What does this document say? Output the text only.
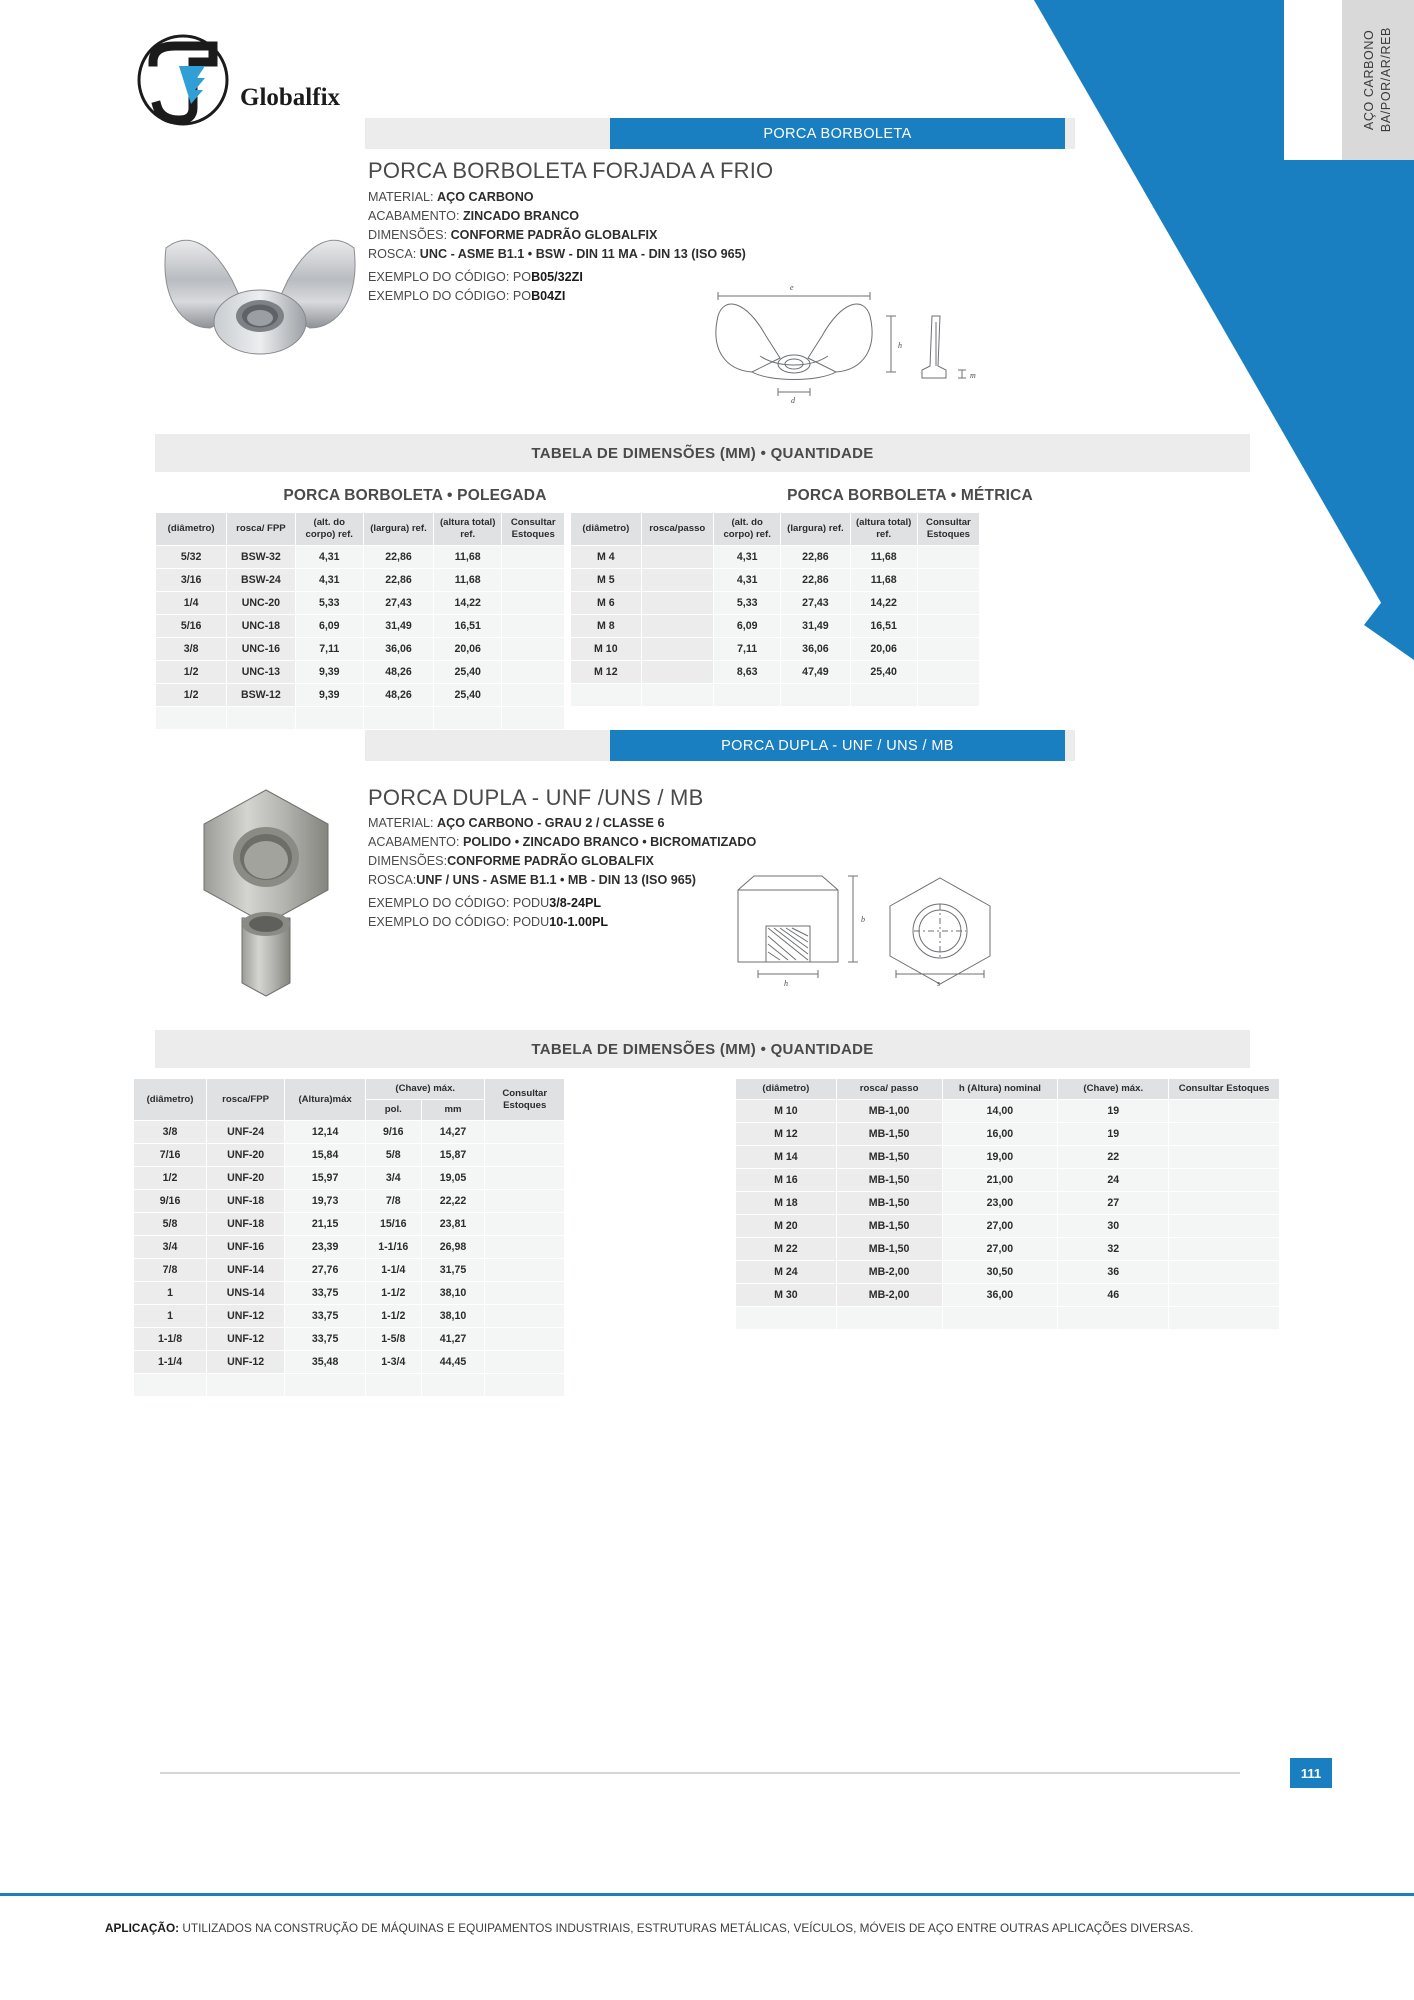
AÇO CARBONO BA/POR/AR/REB
Globalfix
PORCA BORBOLETA
PORCA BORBOLETA FORJADA A FRIO
MATERIAL: AÇO CARBONO
ACABAMENTO: ZINCADO BRANCO
DIMENSÕES: CONFORME PADRÃO GLOBALFIX
ROSCA: UNC - ASME B1.1 • BSW - DIN 11 MA - DIN 13 (ISO 965)
EXEMPLO DO CÓDIGO: POB05/32ZI
EXEMPLO DO CÓDIGO: POB04ZI
e
h
d
m
TABELA DE DIMENSÕES (MM) • QUANTIDADE
PORCA BORBOLETA • POLEGADA	PORCA BORBOLETA • MÉTRICA
(diâmetro)	rosca/ FPP	(alt. do corpo) ref.	(largura) ref.	(altura total) ref.	Consultar Estoques
5/32	BSW-32	4,31	22,86	11,68	
3/16	BSW-24	4,31	22,86	11,68	
1/4	UNC-20	5,33	27,43	14,22	
5/16	UNC-18	6,09	31,49	16,51	
3/8	UNC-16	7,11	36,06	20,06	
1/2	UNC-13	9,39	48,26	25,40	
1/2	BSW-12	9,39	48,26	25,40	

(diâmetro)	rosca/passo	(alt. do corpo) ref.	(largura) ref.	(altura total) ref.	Consultar Estoques
M 4		4,31	22,86	11,68	
M 5		4,31	22,86	11,68	
M 6		5,33	27,43	14,22	
M 8		6,09	31,49	16,51	
M 10		7,11	36,06	20,06	
M 12		8,63	47,49	25,40	

PORCA DUPLA - UNF / UNS / MB
PORCA DUPLA - UNF /UNS / MB
MATERIAL: AÇO CARBONO - GRAU 2 / CLASSE 6
ACABAMENTO: POLIDO • ZINCADO BRANCO • BICROMATIZADO
DIMENSÕES:CONFORME PADRÃO GLOBALFIX
ROSCA:UNF / UNS - ASME B1.1 • MB - DIN 13 (ISO 965)
EXEMPLO DO CÓDIGO: PODU3/8-24PL
EXEMPLO DO CÓDIGO: PODU10-1.00PL	b
h	s
TABELA DE DIMENSÕES (MM) • QUANTIDADE
(diâmetro)	rosca/FPP	(Altura)máx	(Chave) máx.		Consultar Estoques
			pol.	mm	
3/8	UNF-24	12,14	9/16	14,27	
7/16	UNF-20	15,84	5/8	15,87	
1/2	UNF-20	15,97	3/4	19,05	
9/16	UNF-18	19,73	7/8	22,22	
5/8	UNF-18	21,15	15/16	23,81	
3/4	UNF-16	23,39	1-1/16	26,98	
7/8	UNF-14	27,76	1-1/4	31,75	
1	UNS-14	33,75	1-1/2	38,10	
1	UNF-12	33,75	1-1/2	38,10	
1-1/8	UNF-12	33,75	1-5/8	41,27	
1-1/4	UNF-12	35,48	1-3/4	44,45	

(diâmetro)	rosca/ passo	h (Altura) nominal	(Chave) máx.	Consultar Estoques
M 10	MB-1,00	14,00	19	
M 12	MB-1,50	16,00	19	
M 14	MB-1,50	19,00	22	
M 16	MB-1,50	21,00	24	
M 18	MB-1,50	23,00	27	
M 20	MB-1,50	27,00	30	
M 22	MB-1,50	27,00	32	
M 24	MB-2,00	30,50	36	
M 30	MB-2,00	36,00	46	

111
APLICAÇÃO: UTILIZADOS NA CONSTRUÇÃO DE MÁQUINAS E EQUIPAMENTOS INDUSTRIAIS, ESTRUTURAS METÁLICAS, VEÍCULOS, MÓVEIS DE AÇO ENTRE OUTRAS APLICAÇÕES DIVERSAS.
